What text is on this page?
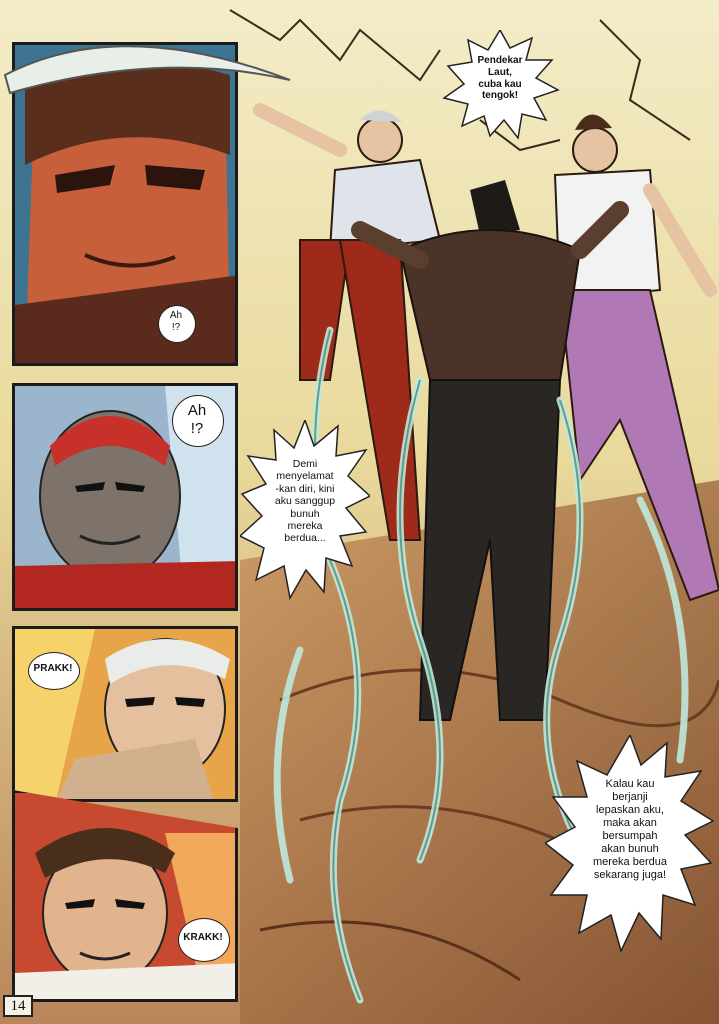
Pendekar
Laut,
cuba kau
tengok!
Ah
!?
Ah
!?
Demi
menyelamat
-kan diri, kini
aku sanggup
bunuh
mereka
berdua...
Kalau kau
berjanji
lepaskan aku,
maka akan
bersumpah
akan bunuh
mereka berdua
sekarang juga!
PRAKK!
KRAKK!
14
